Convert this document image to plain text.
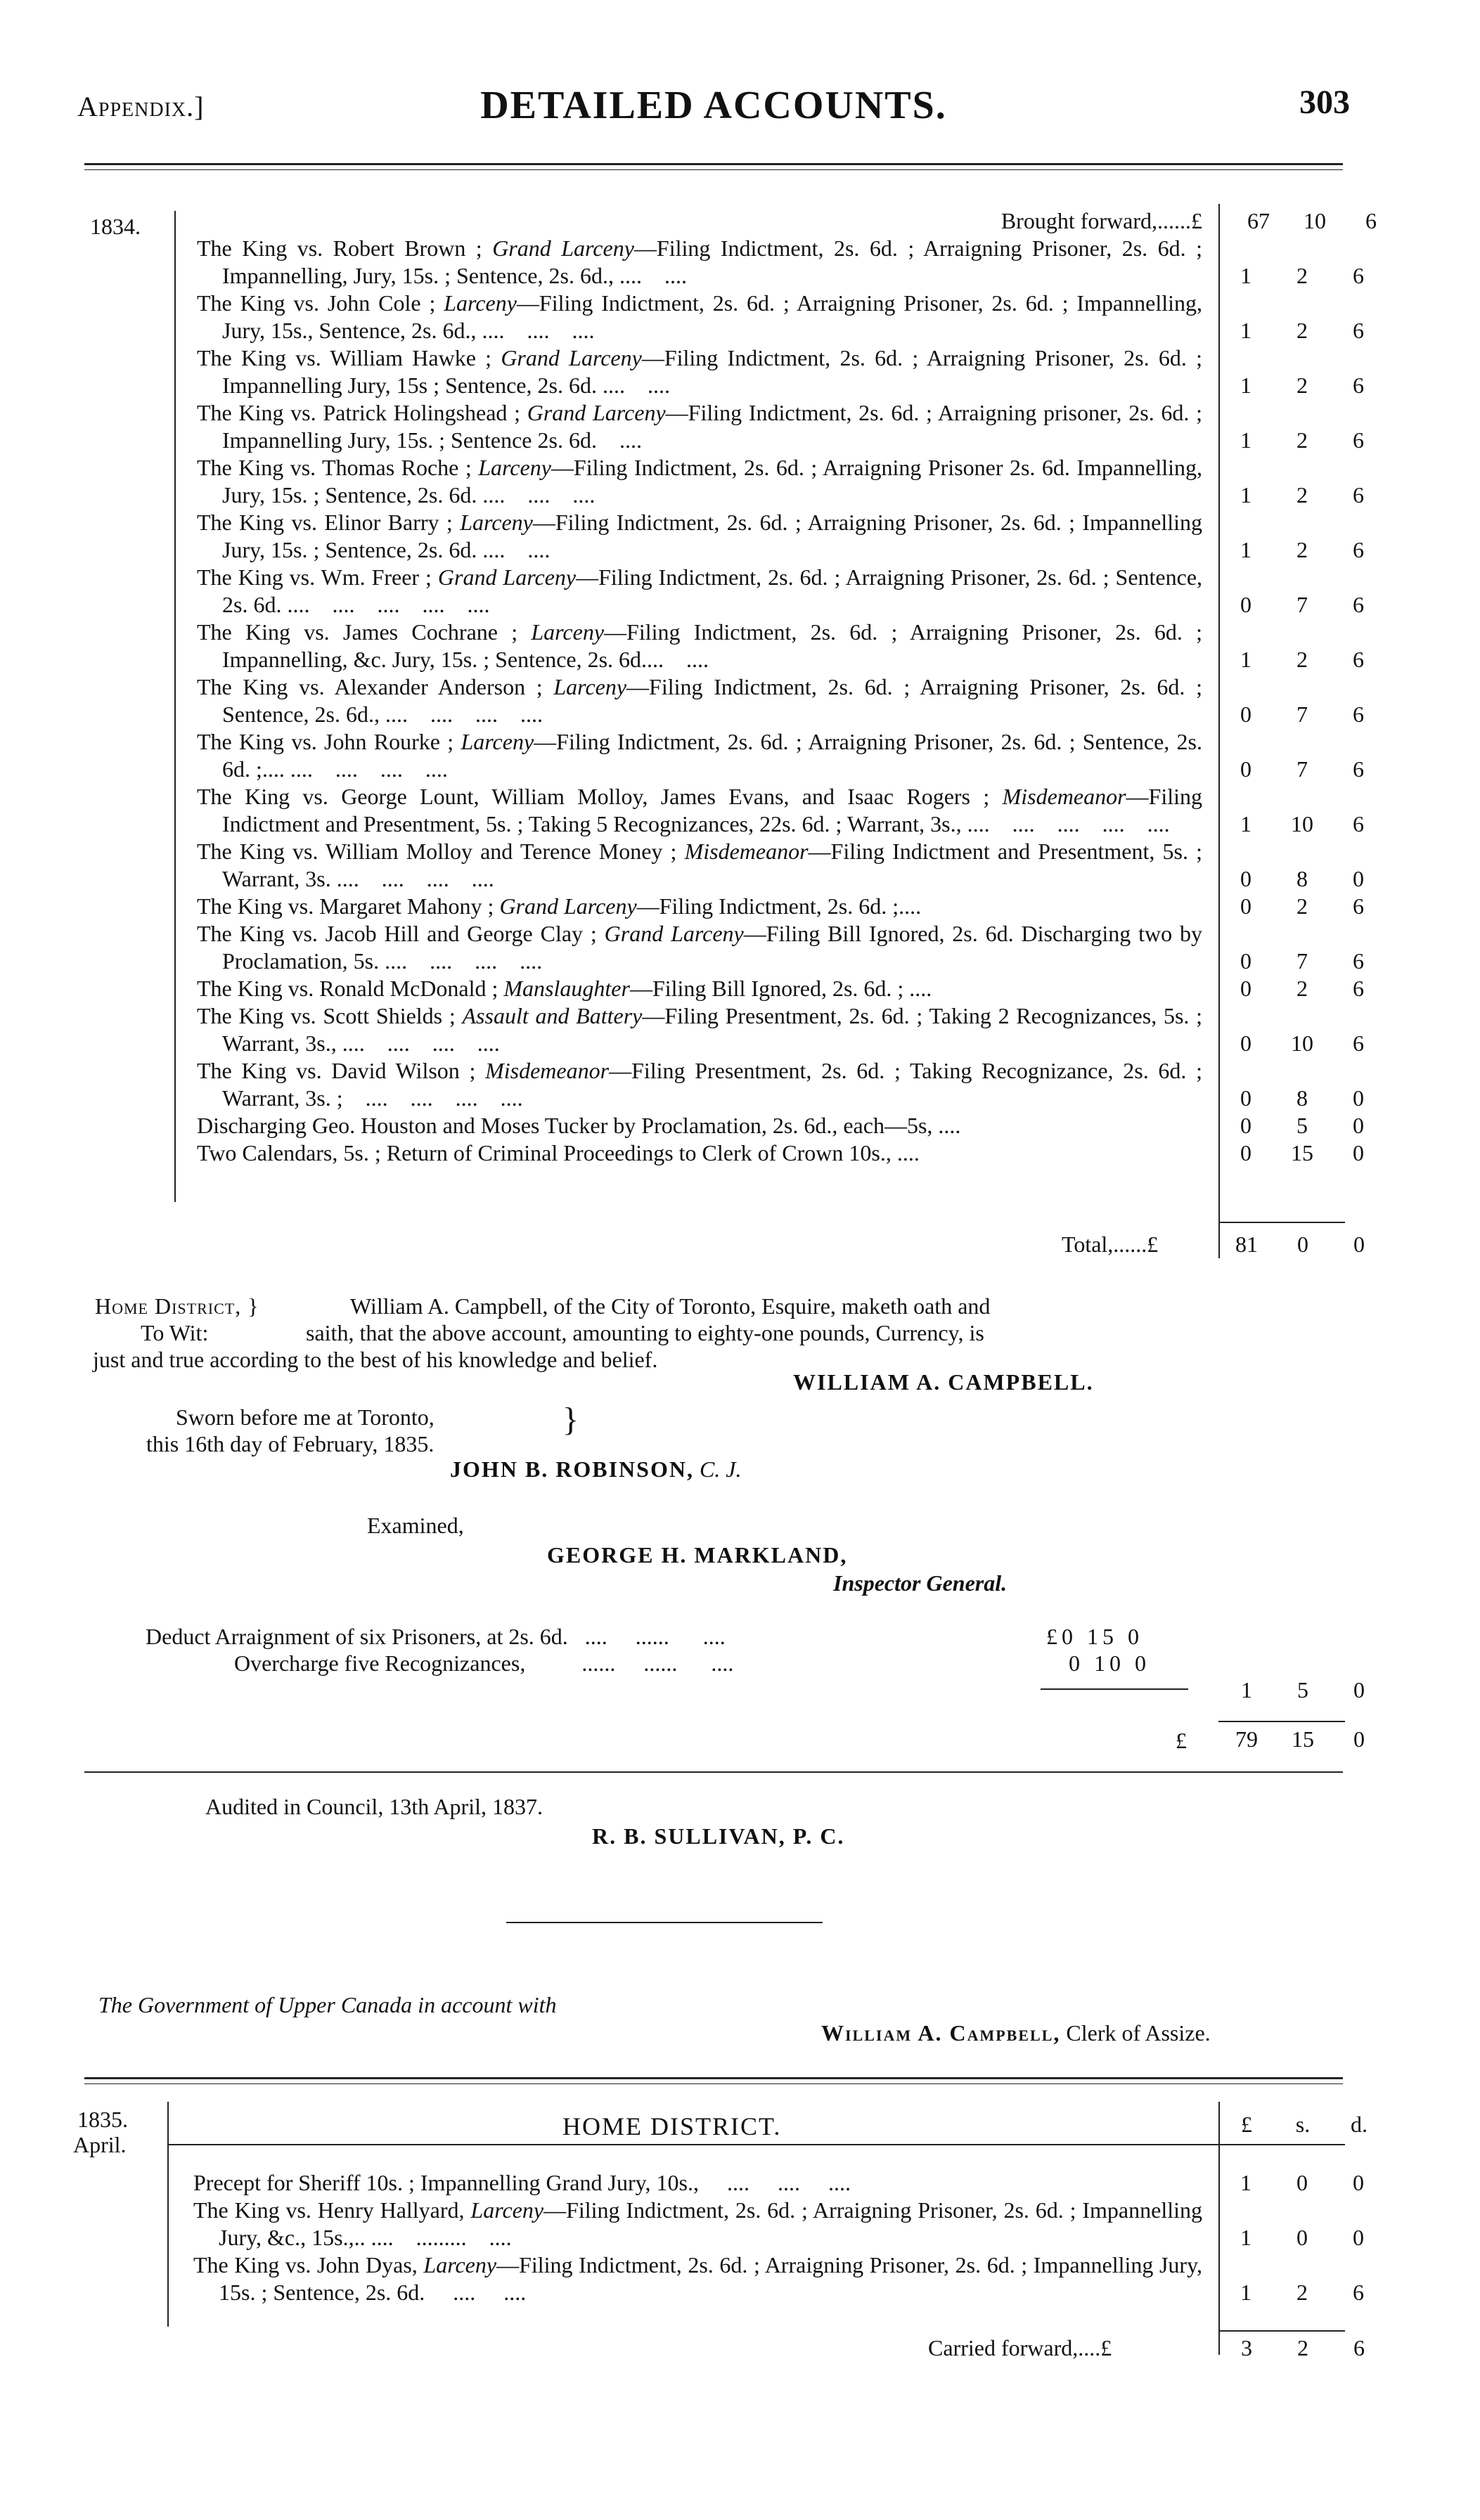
Appendix.]	DETAILED ACCOUNTS.	303
1834.	Brought forward,......£	67	10	6
The King vs. Robert Brown ; Grand Larceny—Filing Indictment, 2s. 6d. ; Arraigning Prisoner, 2s. 6d. ; Impannelling, Jury, 15s. ; Sentence, 2s. 6d., ....    ....	1	2	6
The King vs. John Cole ; Larceny—Filing Indictment, 2s. 6d. ; Arraigning Prisoner, 2s. 6d. ; Impannelling, Jury, 15s., Sentence, 2s. 6d., ....    ....    ....	1	2	6
The King vs. William Hawke ; Grand Larceny—Filing Indictment, 2s. 6d. ; Arraigning Prisoner, 2s. 6d. ; Impannelling Jury, 15s ; Sentence, 2s. 6d. ....    ....	1	2	6
The King vs. Patrick Holingshead ; Grand Larceny—Filing Indictment, 2s. 6d. ; Arraigning prisoner, 2s. 6d. ; Impannelling Jury, 15s. ; Sentence 2s. 6d.    ....	1	2	6
The King vs. Thomas Roche ; Larceny—Filing Indictment, 2s. 6d. ; Arraigning Prisoner 2s. 6d. Impannelling, Jury, 15s. ; Sentence, 2s. 6d. ....    ....    ....	1	2	6
The King vs. Elinor Barry ; Larceny—Filing Indictment, 2s. 6d. ; Arraigning Prisoner, 2s. 6d. ; Impannelling Jury, 15s. ; Sentence, 2s. 6d. ....    ....	1	2	6
The King vs. Wm. Freer ; Grand Larceny—Filing Indictment, 2s. 6d. ; Arraigning Prisoner, 2s. 6d. ; Sentence, 2s. 6d. ....    ....    ....    ....    ....	0	7	6
The King vs. James Cochrane ; Larceny—Filing Indictment, 2s. 6d. ; Arraigning Prisoner, 2s. 6d. ; Impannelling, &c. Jury, 15s. ; Sentence, 2s. 6d....    ....	1	2	6
The King vs. Alexander Anderson ; Larceny—Filing Indictment, 2s. 6d. ; Arraigning Prisoner, 2s. 6d. ; Sentence, 2s. 6d., ....    ....    ....    ....	0	7	6
The King vs. John Rourke ; Larceny—Filing Indictment, 2s. 6d. ; Arraigning Prisoner, 2s. 6d. ; Sentence, 2s. 6d. ;.... ....    ....    ....    ....	0	7	6
The King vs. George Lount, William Molloy, James Evans, and Isaac Rogers ; Misdemeanor—Filing Indictment and Presentment, 5s. ; Taking 5 Recognizances, 22s. 6d. ; Warrant, 3s., ....    ....    ....    ....    ....	1	10	6
The King vs. William Molloy and Terence Money ; Misdemeanor—Filing Indictment and Presentment, 5s. ; Warrant, 3s. ....    ....    ....    ....	0	8	0
The King vs. Margaret Mahony ; Grand Larceny—Filing Indictment, 2s. 6d. ;....	0	2	6
The King vs. Jacob Hill and George Clay ; Grand Larceny—Filing Bill Ignored, 2s. 6d. Discharging two by Proclamation, 5s. ....    ....    ....    ....	0	7	6
The King vs. Ronald McDonald ; Manslaughter—Filing Bill Ignored, 2s. 6d. ; ....	0	2	6
The King vs. Scott Shields ; Assault and Battery—Filing Presentment, 2s. 6d. ; Taking 2 Recognizances, 5s. ; Warrant, 3s., ....    ....    ....    ....	0	10	6
The King vs. David Wilson ; Misdemeanor—Filing Presentment, 2s. 6d. ; Taking Recognizance, 2s. 6d. ; Warrant, 3s. ;    ....    ....    ....    ....	0	8	0
Discharging Geo. Houston and Moses Tucker by Proclamation, 2s. 6d., each—5s, ....	0	5	0
Two Calendars, 5s. ; Return of Criminal Proceedings to Clerk of Crown 10s., ....	0	15	0
Total,......£	81	0	0
Home District, }
To Wit:
William A. Campbell, of the City of Toronto, Esquire, maketh oath and
saith, that the above account, amounting to eighty-one pounds, Currency, is
just and true according to the best of his knowledge and belief.
WILLIAM A. CAMPBELL.
Sworn before me at Toronto,
this 16th day of February, 1835.
}
JOHN B. ROBINSON, C. J.
Examined,
GEORGE H. MARKLAND,
Inspector General.
Deduct Arraignment of six Prisoners, at 2s. 6d.   ....     ......      ....	£0 15 0
Overcharge five Recognizances,          ......     ......      ....	0 10 0
1	5	0
£	79	15	0
Audited in Council, 13th April, 1837.
R. B. SULLIVAN, P. C.
The Government of Upper Canada in account with
William A. Campbell, Clerk of Assize.
1835.
April.
HOME DISTRICT.	£	s.	d.
Precept for Sheriff 10s. ; Impannelling Grand Jury, 10s.,     ....     ....     ....	1	0	0
The King vs. Henry Hallyard, Larceny—Filing Indictment, 2s. 6d. ; Arraigning Prisoner, 2s. 6d. ; Impannelling Jury, &c., 15s.,.. ....    .........    ....	1	0	0
The King vs. John Dyas, Larceny—Filing Indictment, 2s. 6d. ; Arraigning Prisoner, 2s. 6d. ; Impannelling Jury, 15s. ; Sentence, 2s. 6d.     ....     ....	1	2	6
Carried forward,....£	3	2	6
